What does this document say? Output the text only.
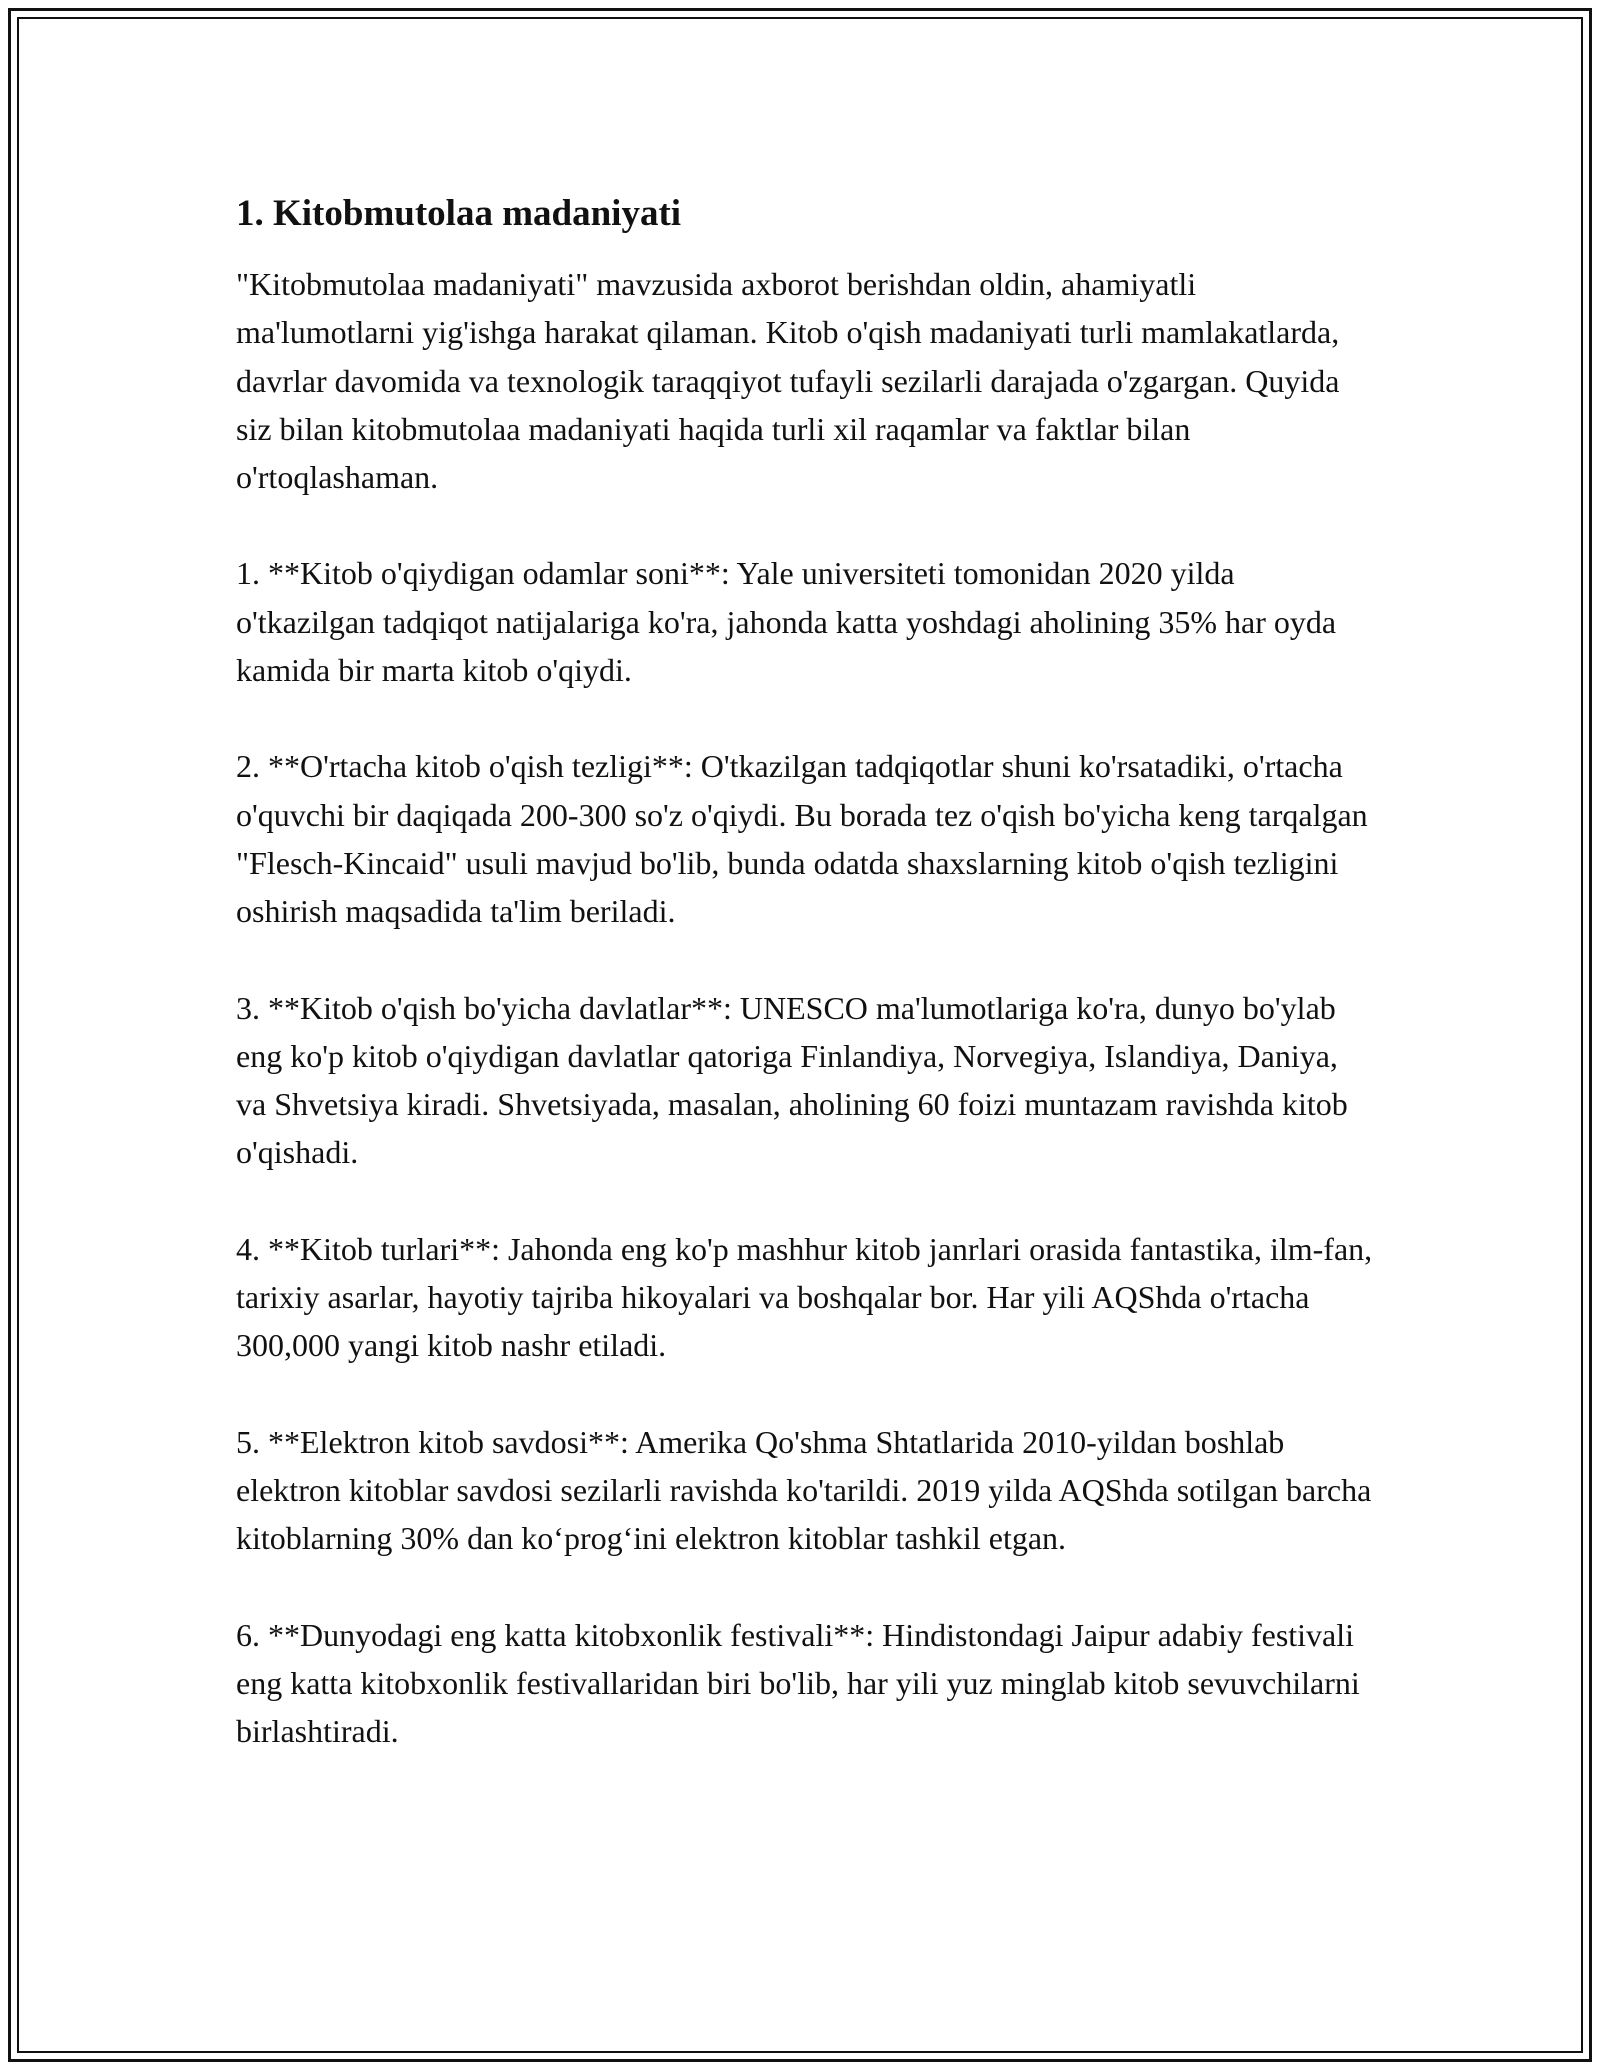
1. Kitobmutolaa madaniyati

"Kitobmutolaa madaniyati" mavzusida axborot berishdan oldin, ahamiyatli ma'lumotlarni yig'ishga harakat qilaman. Kitob o'qish madaniyati turli mamlakatlarda, davrlar davomida va texnologik taraqqiyot tufayli sezilarli darajada o'zgargan. Quyida siz bilan kitobmutolaa madaniyati haqida turli xil raqamlar va faktlar bilan o'rtoqlashaman.

1. **Kitob o'qiydigan odamlar soni**: Yale universiteti tomonidan 2020 yilda o'tkazilgan tadqiqot natijalariga ko'ra, jahonda katta yoshdagi aholining 35% har oyda kamida bir marta kitob o'qiydi.

2. **O'rtacha kitob o'qish tezligi**: O'tkazilgan tadqiqotlar shuni ko'rsatadiki, o'rtacha o'quvchi bir daqiqada 200-300 so'z o'qiydi. Bu borada tez o'qish bo'yicha keng tarqalgan "Flesch-Kincaid" usuli mavjud bo'lib, bunda odatda shaxslarning kitob o'qish tezligini oshirish maqsadida ta'lim beriladi.

3. **Kitob o'qish bo'yicha davlatlar**: UNESCO ma'lumotlariga ko'ra, dunyo bo'ylab eng ko'p kitob o'qiydigan davlatlar qatoriga Finlandiya, Norvegiya, Islandiya, Daniya, va Shvetsiya kiradi. Shvetsiyada, masalan, aholining 60 foizi muntazam ravishda kitob o'qishadi.

4. **Kitob turlari**: Jahonda eng ko'p mashhur kitob janrlari orasida fantastika, ilm-fan, tarixiy asarlar, hayotiy tajriba hikoyalari va boshqalar bor. Har yili AQShda o'rtacha 300,000 yangi kitob nashr etiladi.

5. **Elektron kitob savdosi**: Amerika Qo'shma Shtatlarida 2010-yildan boshlab elektron kitoblar savdosi sezilarli ravishda ko'tarildi. 2019 yilda AQShda sotilgan barcha kitoblarning 30% dan ko‘prog‘ini elektron kitoblar tashkil etgan.

6. **Dunyodagi eng katta kitobxonlik festivali**: Hindistondagi Jaipur adabiy festivali eng katta kitobxonlik festivallaridan biri bo'lib, har yili yuz minglab kitob sevuvchilarni birlashtiradi.
